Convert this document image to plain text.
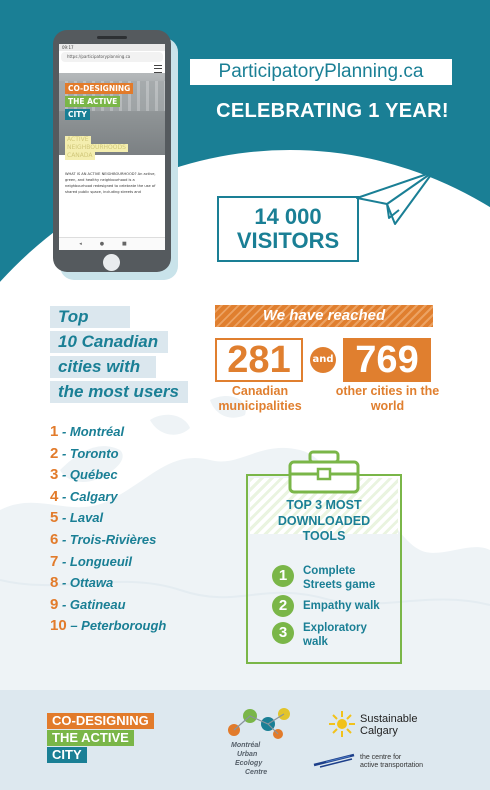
09:17
https://participatoryplanning.ca
CO-DESIGNING
THE ACTIVE
CITY
ACTIVE
NEIGHBOURHOODS
CANADA
WHAT IS AN ACTIVE NEIGHBOURHOOD? An active, green, and healthy neighbourhood is a neighbourhood redesigned to celebrate the use of shared public space, including streets and
◂●■
ParticipatoryPlanning.ca
CELEBRATING 1 YEAR!
14 000
VISITORS
Top
10 Canadian
cities with
the most users
1 - Montréal
2 - Toronto
3 - Québec
4 - Calgary
5 - Laval
6 - Trois-Rivières
7 - Longueuil
8 - Ottawa
9 - Gatineau
10 – Peterborough
We have reached
281	and 769
Canadian municipalities
other cities in the world
TOP 3 MOST
DOWNLOADED
TOOLS
1	Complete
Streets game
2	Empathy walk
3	Exploratory
walk
CO-DESIGNING
THE ACTIVE
CITY
Montréal
Urban
Ecology
Centre
Sustainable
Calgary
the centre for
active transportation
